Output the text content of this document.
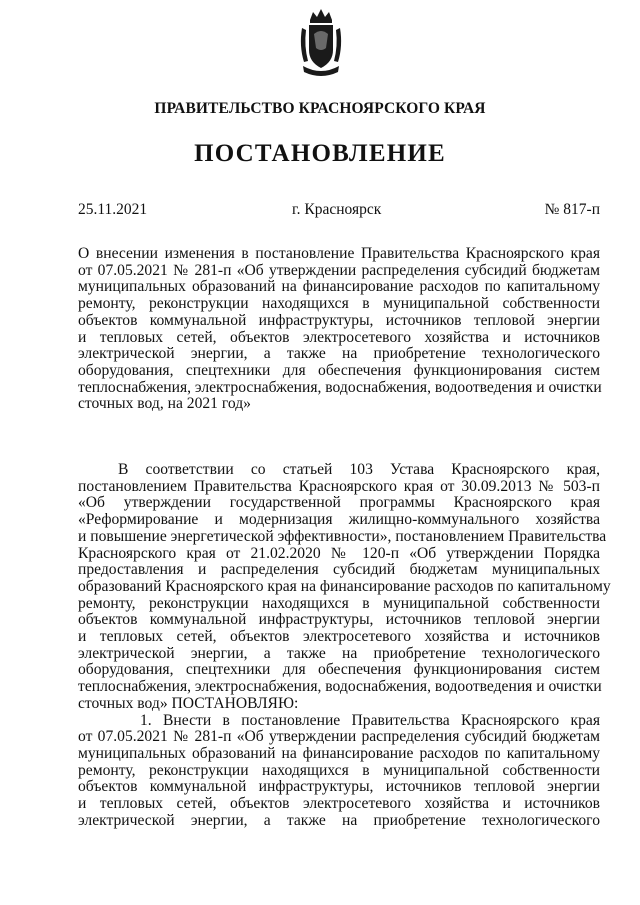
ПРАВИТЕЛЬСТВО КРАСНОЯРСКОГО КРАЯ
ПОСТАНОВЛЕНИЕ
25.11.2021	г. Красноярск	№ 817-п
О внесении изменения в постановление Правительства Красноярского края
от 07.05.2021 № 281-п «Об утверждении распределения субсидий бюджетам
муниципальных образований на финансирование расходов по капитальному
ремонту, реконструкции находящихся в муниципальной собственности
объектов коммунальной инфраструктуры, источников тепловой энергии
и тепловых сетей, объектов электросетевого хозяйства и источников
электрической энергии, а также на приобретение технологического
оборудования, спецтехники для обеспечения функционирования систем
теплоснабжения, электроснабжения, водоснабжения, водоотведения и очистки
сточных вод, на 2021 год»
В соответствии со статьей 103 Устава Красноярского края,
постановлением Правительства Красноярского края от 30.09.2013 № 503-п
«Об утверждении государственной программы Красноярского края
«Реформирование и модернизация жилищно-коммунального хозяйства
и повышение энергетической эффективности», постановлением Правительства
Красноярского края от 21.02.2020 № 120-п «Об утверждении Порядка
предоставления и распределения субсидий бюджетам муниципальных
образований Красноярского края на финансирование расходов по капитальному
ремонту, реконструкции находящихся в муниципальной собственности
объектов коммунальной инфраструктуры, источников тепловой энергии
и тепловых сетей, объектов электросетевого хозяйства и источников
электрической энергии, а также на приобретение технологического
оборудования, спецтехники для обеспечения функционирования систем
теплоснабжения, электроснабжения, водоснабжения, водоотведения и очистки
сточных вод» ПОСТАНОВЛЯЮ:
1. Внести в постановление Правительства Красноярского края
от 07.05.2021 № 281-п «Об утверждении распределения субсидий бюджетам
муниципальных образований на финансирование расходов по капитальному
ремонту, реконструкции находящихся в муниципальной собственности
объектов коммунальной инфраструктуры, источников тепловой энергии
и тепловых сетей, объектов электросетевого хозяйства и источников
электрической энергии, а также на приобретение технологического
